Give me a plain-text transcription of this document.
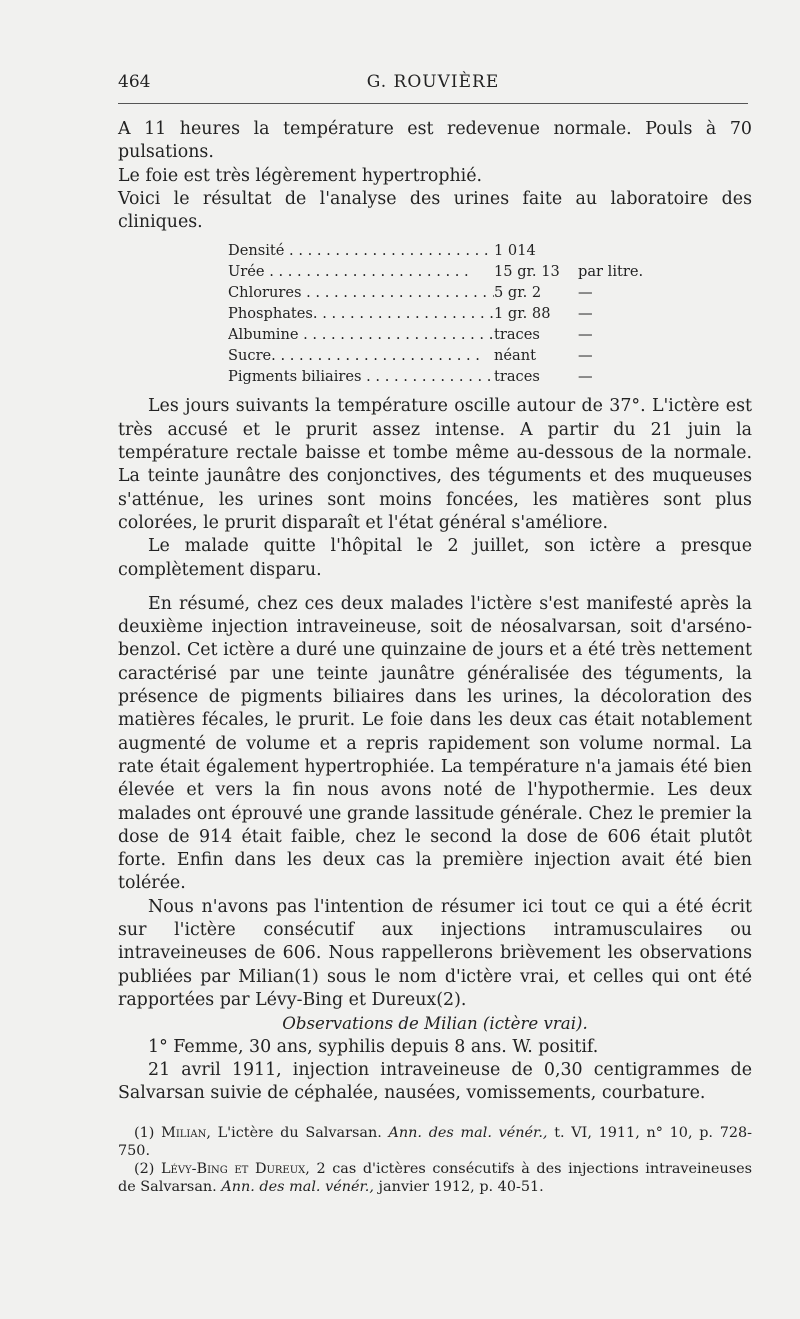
464	G. ROUVIÈRE

A 11 heures la température est redevenue normale. Pouls à 70 pulsations.

Le foie est très légèrement hypertrophié.

Voici le résultat de l'analyse des urines faite au laboratoire des cliniques.

Densité . . .	1 014
Urée . . .	15 gr. 13	par litre.
Chlorures . . .	5 gr. 2	—
Phosphates. . . .	1 gr. 88	—
Albumine . . .	traces	—
Sucre. . . .	néant	—
Pigments biliaires . . .	traces	—

Les jours suivants la température oscille autour de 37°. L'ictère est très accusé et le prurit assez intense. A partir du 21 juin la température rectale baisse et tombe même au-dessous de la normale. La teinte jaunâtre des conjonctives, des téguments et des muqueuses s'atténue, les urines sont moins foncées, les matières sont plus colorées, le prurit disparaît et l'état général s'améliore.

Le malade quitte l'hôpital le 2 juillet, son ictère a presque complètement disparu.

En résumé, chez ces deux malades l'ictère s'est manifesté après la deuxième injection intraveineuse, soit de néosalvarsan, soit d'arséno-benzol. Cet ictère a duré une quinzaine de jours et a été très nettement caractérisé par une teinte jaunâtre généralisée des téguments, la présence de pigments biliaires dans les urines, la décoloration des matières fécales, le prurit. Le foie dans les deux cas était notablement augmenté de volume et a repris rapidement son volume normal. La rate était également hypertrophiée. La température n'a jamais été bien élevée et vers la fin nous avons noté de l'hypothermie. Les deux malades ont éprouvé une grande lassitude générale. Chez le premier la dose de 914 était faible, chez le second la dose de 606 était plutôt forte. Enfin dans les deux cas la première injection avait été bien tolérée.

Nous n'avons pas l'intention de résumer ici tout ce qui a été écrit sur l'ictère consécutif aux injections intramusculaires ou intraveineuses de 606. Nous rappellerons brièvement les observations publiées par Milian(1) sous le nom d'ictère vrai, et celles qui ont été rapportées par Lévy-Bing et Dureux(2).

Observations de Milian (ictère vrai).

1° Femme, 30 ans, syphilis depuis 8 ans. W. positif.

21 avril 1911, injection intraveineuse de 0,30 centigrammes de Salvarsan suivie de céphalée, nausées, vomissements, courbature.

(1) Milian, L'ictère du Salvarsan. Ann. des mal. vénér., t. VI, 1911, n° 10, p. 728-750.

(2) Lévy-Bing et Dureux, 2 cas d'ictères consécutifs à des injections intraveineuses de Salvarsan. Ann. des mal. vénér., janvier 1912, p. 40-51.
